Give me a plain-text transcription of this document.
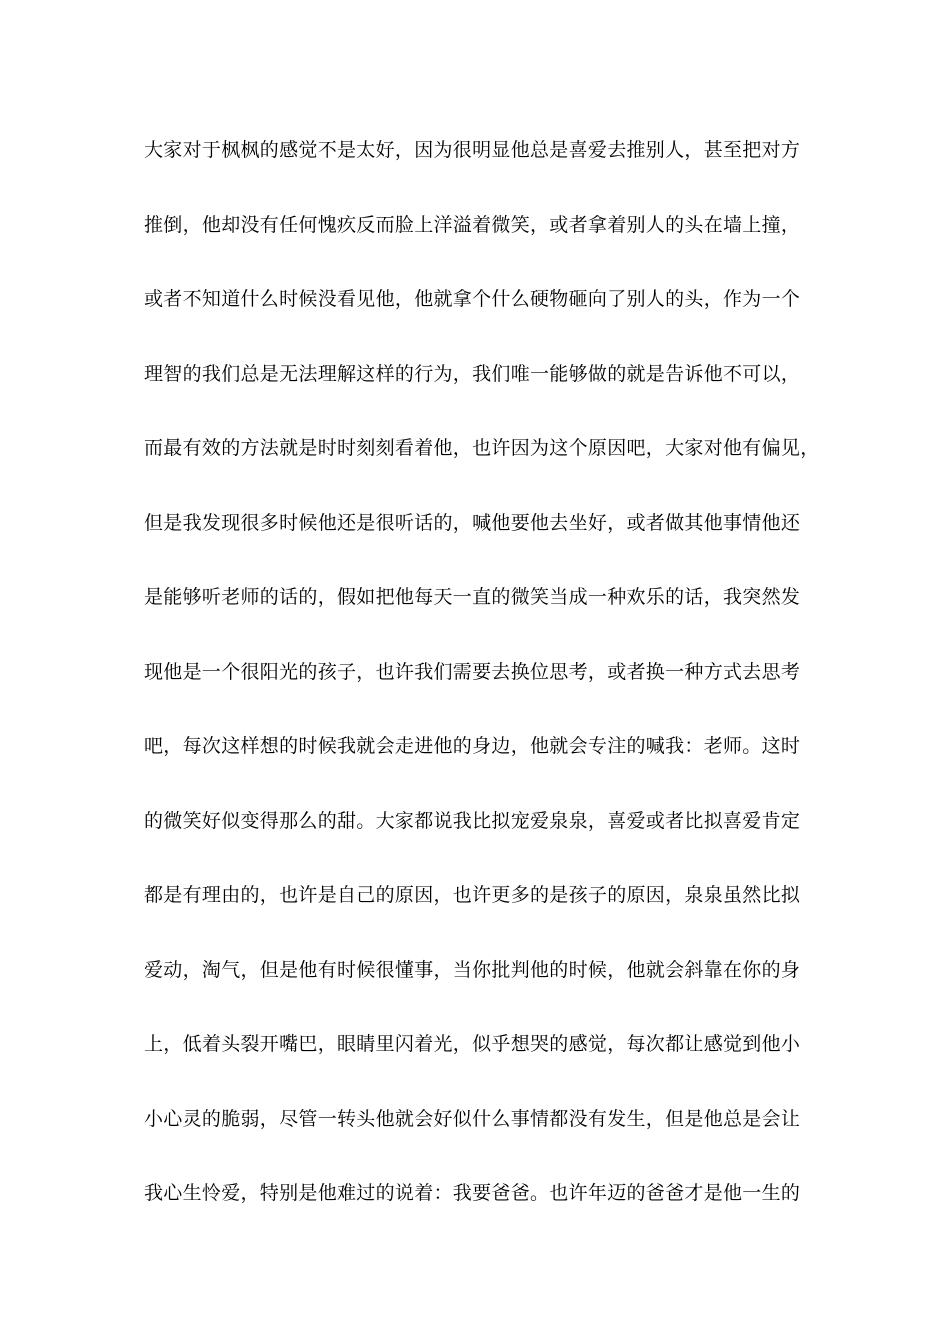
大家对于枫枫的感觉不是太好，因为很明显他总是喜爱去推别人，甚至把对方
推倒，他却没有任何愧疚反而脸上洋溢着微笑，或者拿着别人的头在墙上撞，
或者不知道什么时候没看见他，他就拿个什么硬物砸向了别人的头，作为一个
理智的我们总是无法理解这样的行为，我们唯一能够做的就是告诉他不可以，
而最有效的方法就是时时刻刻看着他，也许因为这个原因吧，大家对他有偏见，
但是我发现很多时候他还是很听话的，喊他要他去坐好，或者做其他事情他还
是能够听老师的话的，假如把他每天一直的微笑当成一种欢乐的话，我突然发
现他是一个很阳光的孩子，也许我们需要去换位思考，或者换一种方式去思考
吧，每次这样想的时候我就会走进他的身边，他就会专注的喊我：老师。这时
的微笑好似变得那么的甜。大家都说我比拟宠爱泉泉，喜爱或者比拟喜爱肯定
都是有理由的，也许是自己的原因，也许更多的是孩子的原因，泉泉虽然比拟
爱动，淘气，但是他有时候很懂事，当你批判他的时候，他就会斜靠在你的身
上，低着头裂开嘴巴，眼睛里闪着光，似乎想哭的感觉，每次都让感觉到他小
小心灵的脆弱，尽管一转头他就会好似什么事情都没有发生，但是他总是会让
我心生怜爱，特别是他难过的说着：我要爸爸。也许年迈的爸爸才是他一生的
